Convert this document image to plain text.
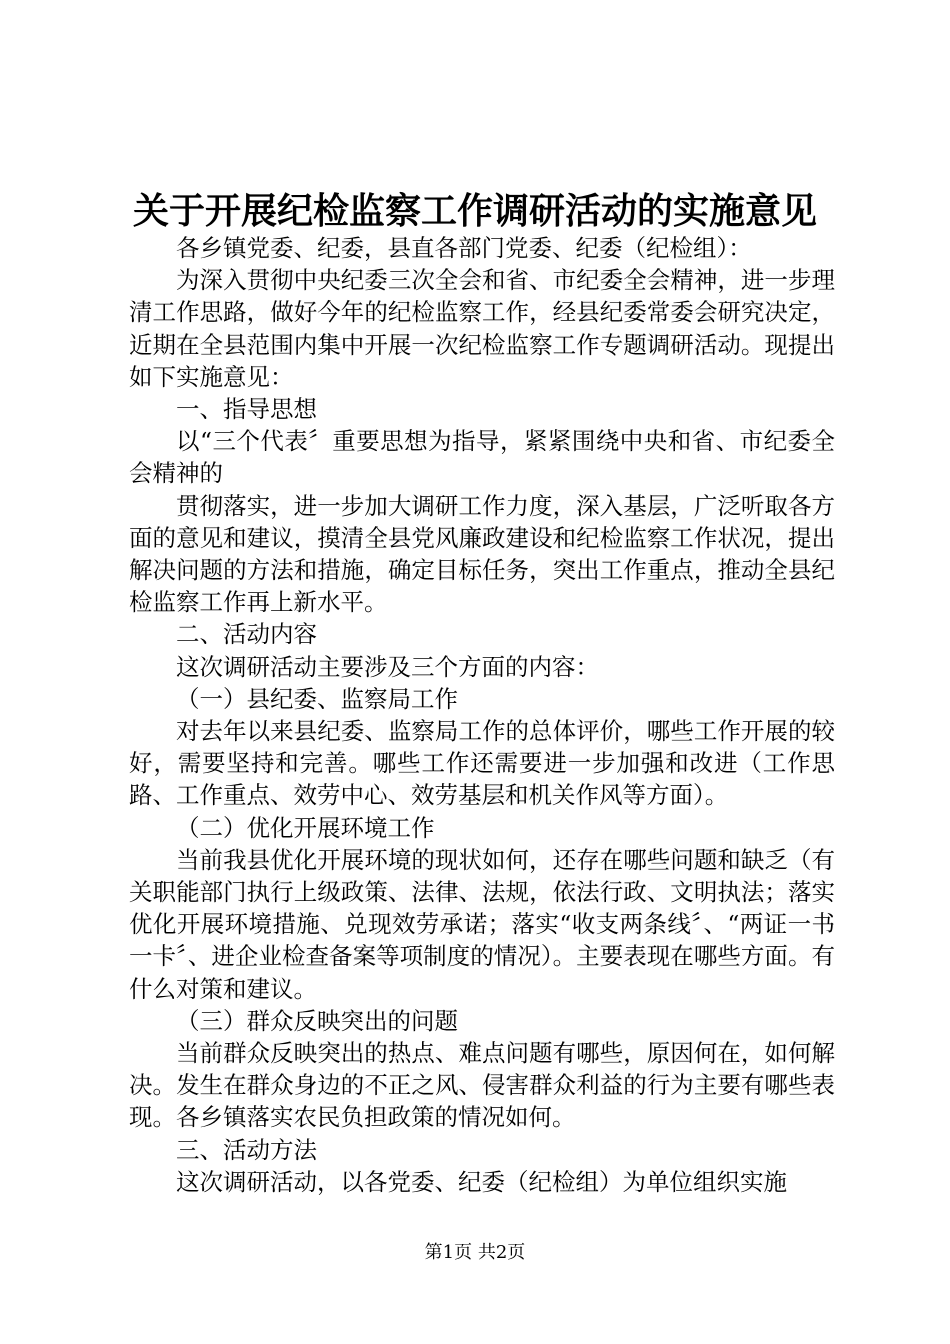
关于开展纪检监察工作调研活动的实施意见

各乡镇党委、纪委，县直各部门党委、纪委（纪检组）：

为深入贯彻中央纪委三次全会和省、市纪委全会精神，进一步理清工作思路，做好今年的纪检监察工作，经县纪委常委会研究决定，近期在全县范围内集中开展一次纪检监察工作专题调研活动。现提出如下实施意见：

一、指导思想

以“三个代表〞重要思想为指导，紧紧围绕中央和省、市纪委全会精神的

贯彻落实，进一步加大调研工作力度，深入基层，广泛听取各方面的意见和建议，摸清全县党风廉政建设和纪检监察工作状况，提出解决问题的方法和措施，确定目标任务，突出工作重点，推动全县纪检监察工作再上新水平。

二、活动内容

这次调研活动主要涉及三个方面的内容：

（一）县纪委、监察局工作

对去年以来县纪委、监察局工作的总体评价，哪些工作开展的较好，需要坚持和完善。哪些工作还需要进一步加强和改进（工作思路、工作重点、效劳中心、效劳基层和机关作风等方面）。

（二）优化开展环境工作

当前我县优化开展环境的现状如何，还存在哪些问题和缺乏（有关职能部门执行上级政策、法律、法规，依法行政、文明执法；落实优化开展环境措施、兑现效劳承诺；落实“收支两条线〞、“两证一书一卡〞、进企业检查备案等项制度的情况）。主要表现在哪些方面。有什么对策和建议。

（三）群众反映突出的问题

当前群众反映突出的热点、难点问题有哪些，原因何在，如何解决。发生在群众身边的不正之风、侵害群众利益的行为主要有哪些表现。各乡镇落实农民负担政策的情况如何。

三、活动方法

这次调研活动，以各党委、纪委（纪检组）为单位组织实施

第1页 共2页
